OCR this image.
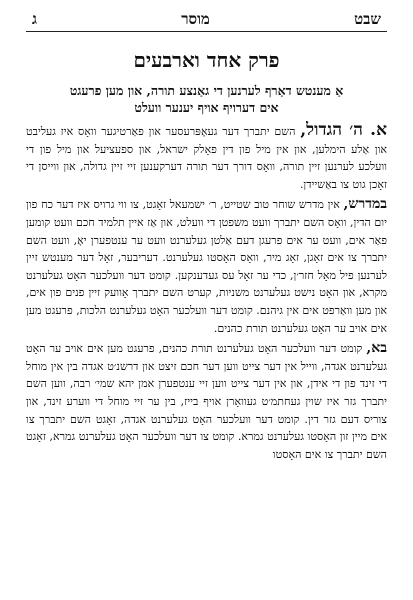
שבט
מוסר
ג
פרק אחד וארבעים
אַ מענטש דאַרף לערנען די גאַנצע תורה, און מען פרעגט
אים דערויף אויף יענער וועלט

א. ה׳ הגדול, השם יתברך דער געאָפּרעסער און פאַרטיגער וואָס איז געליבט און אַלע הימלען, און אין מיל פון דין פאָלק ישראל, און ספעציעל און מיל פון די וועלכע לערנען זיין תורה, וואָס דורך דער תורה דערקענען זיי זיין גדולה, און ווייסן די זאָכן גוט צו באַשיידן.

במדרש, אין מדרש שוחר טוב שטייט, ר׳ ישמעאל זאָגט, צו ווי גרויס איז דער כח פון יום הדין, וואָס השם יתברך וועט משפטן די וועלט, און אַז איין תלמיד חכם וועט קומען פאַר אים, וועט ער אים פרעגן דעם אַלטן געלערנט וועט ער ענטפערן יאָ, וועט השם יתברך צו אים זאָגן, זאָג מיר, וואָס האָסטו געלערנט. דעריבער, זאָל דער מענטש זיין לערנען פיל מאָל חזר׳ן, כדי ער זאָל עס געדענקען. קומט דער וועלכער האָט געלערנט מקרא, און האָט נישט געלערנט משניות, קערט השם יתברך אָוועק זיין פנים פון אים, און מען וואַרפט אים אין גיהנם. קומט דער וועלכער האָט געלערנט הלכות, פרעגט מען אים אויב ער האָט געלערנט תורת כהנים.

בא, קומט דער וועלכער האָט געלערנט תורת כהנים, פרעגט מען אים אויב ער האָט געלערנט אגדה, ווייל אין דער צייט ווען דער חכם זיצט און דרשנ׳ט אגדה בין אין מוחל די זינד פון די אידן, און אין דער צייט ווען זיי ענטפערן אמן יהא שמי׳ רבה, ווען השם יתברך גזר איז שוין געחתמ׳ט געוואָרן אויף בייז, בין ער זיי מוחל די ווערע זינד, און צוריס דעם גזר דין. קומט דער וועלכער האָט געלערנט אגדה, זאָגט השם יתברך צו אים מיין זון האָסטו געלערנט גמרא. קומט צו דער וועלכער האָט געלערנט גמרא, זאָגט השם יתברך צו אים האָסטו
